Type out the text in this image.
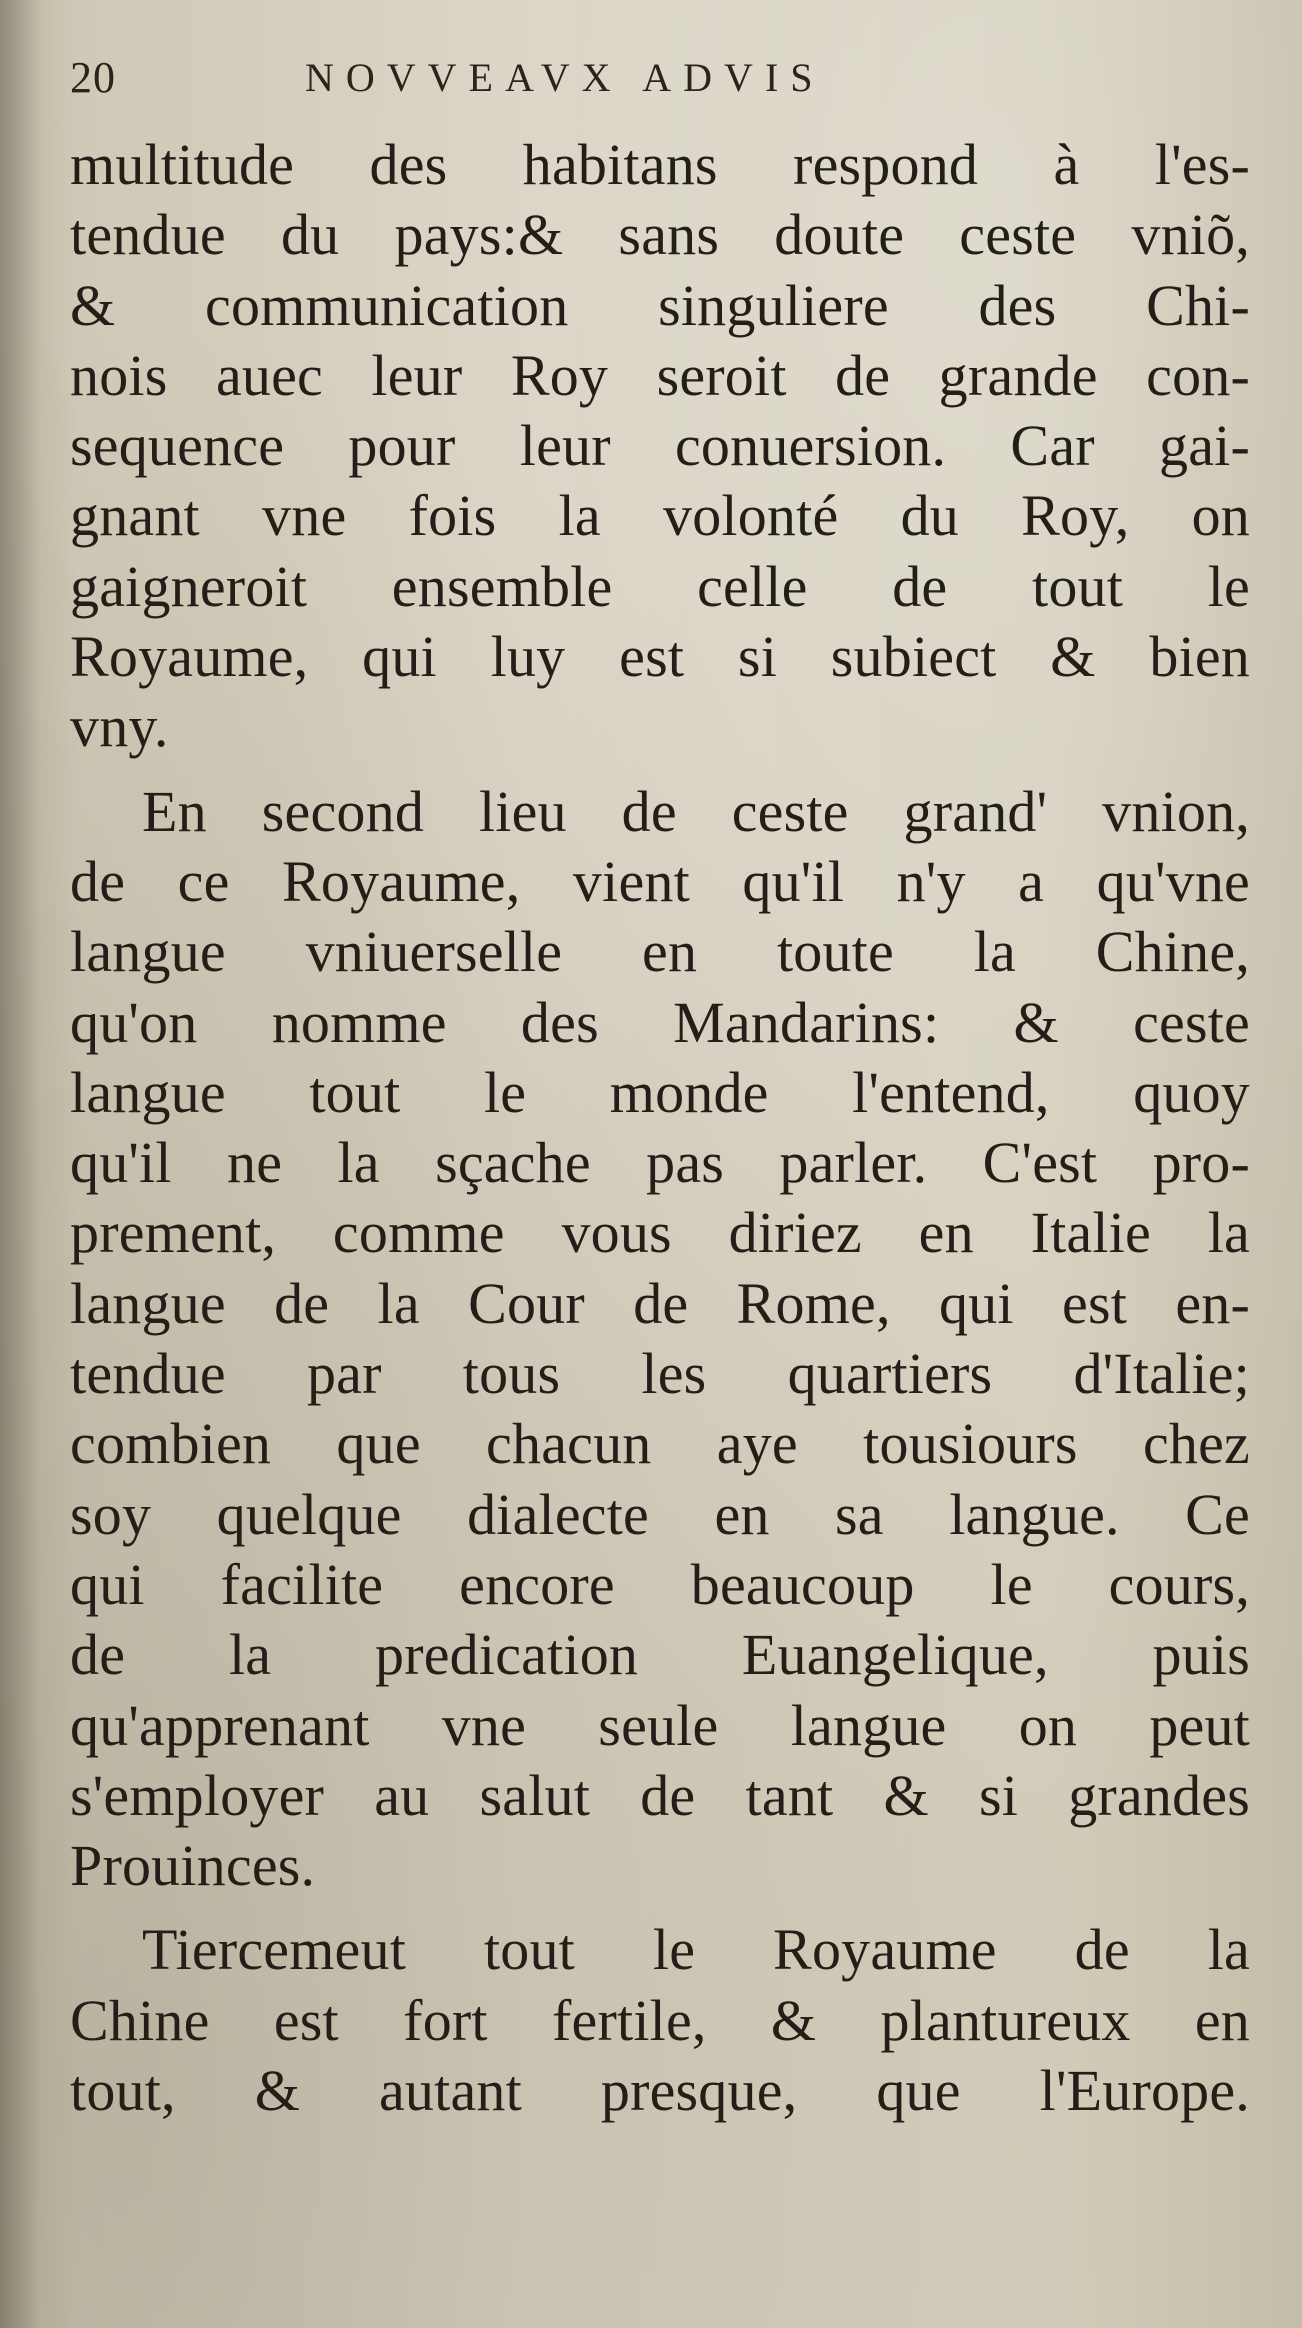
20	NOVVEAVX ADVIS
multitude des habitans respond à l'es-
tendue du pays:& sans doute ceste vniõ,
& communication singuliere des Chi-
nois auec leur Roy seroit de grande con-
sequence pour leur conuersion. Car gai-
gnant vne fois la volonté du Roy, on
gaigneroit ensemble celle de tout le
Royaume, qui luy est si subiect & bien
vny.
En second lieu de ceste grand' vnion,
de ce Royaume, vient qu'il n'y a qu'vne
langue vniuerselle en toute la Chine,
qu'on nomme des Mandarins: & ceste
langue tout le monde l'entend, quoy
qu'il ne la sçache pas parler. C'est pro-
prement, comme vous diriez en Italie la
langue de la Cour de Rome, qui est en-
tendue par tous les quartiers d'Italie;
combien que chacun aye tousiours chez
soy quelque dialecte en sa langue. Ce
qui facilite encore beaucoup le cours,
de la predication Euangelique, puis
qu'apprenant vne seule langue on peut
s'employer au salut de tant & si grandes
Prouinces.
Tiercemeut tout le Royaume de la
Chine est fort fertile, & plantureux en
tout, & autant presque, que l'Europe.
